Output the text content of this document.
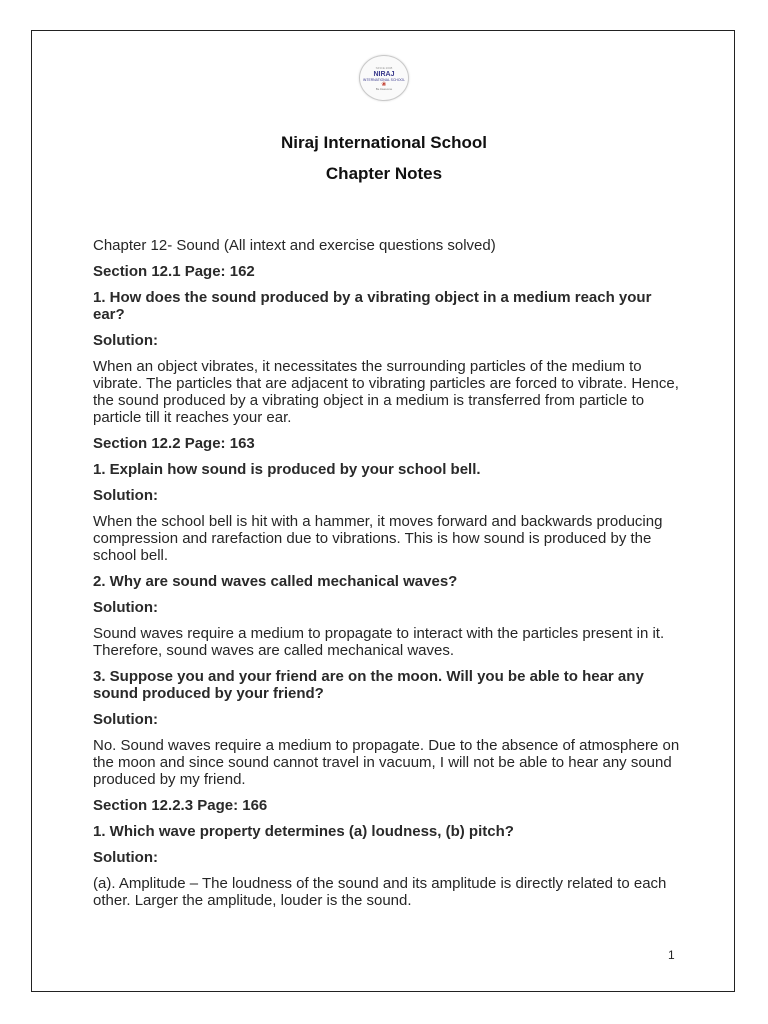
SINCE 2008
NIRAJ
INTERNATIONAL SCHOOL
❀
Be Awesome
Niraj International School
Chapter Notes
Chapter 12- Sound (All intext and exercise questions solved)
Section 12.1 Page: 162
1. How does the sound produced by a vibrating object in a medium reach your ear?
Solution:
When an object vibrates, it necessitates the surrounding particles of the medium to vibrate. The particles that are adjacent to vibrating particles are forced to vibrate. Hence, the sound produced by a vibrating object in a medium is transferred from particle to particle till it reaches your ear.
Section 12.2 Page: 163
1. Explain how sound is produced by your school bell.
Solution:
When the school bell is hit with a hammer, it moves forward and backwards producing compression and rarefaction due to vibrations. This is how sound is produced by the school bell.
2. Why are sound waves called mechanical waves?
Solution:
Sound waves require a medium to propagate to interact with the particles present in it. Therefore, sound waves are called mechanical waves.
3. Suppose you and your friend are on the moon. Will you be able to hear any sound produced by your friend?
Solution:
No. Sound waves require a medium to propagate. Due to the absence of atmosphere on the moon and since sound cannot travel in vacuum, I will not be able to hear any sound produced by my friend.
Section 12.2.3 Page: 166
1. Which wave property determines (a) loudness, (b) pitch?
Solution:
(a). Amplitude – The loudness of the sound and its amplitude is directly related to each other. Larger the amplitude, louder is the sound.
1
